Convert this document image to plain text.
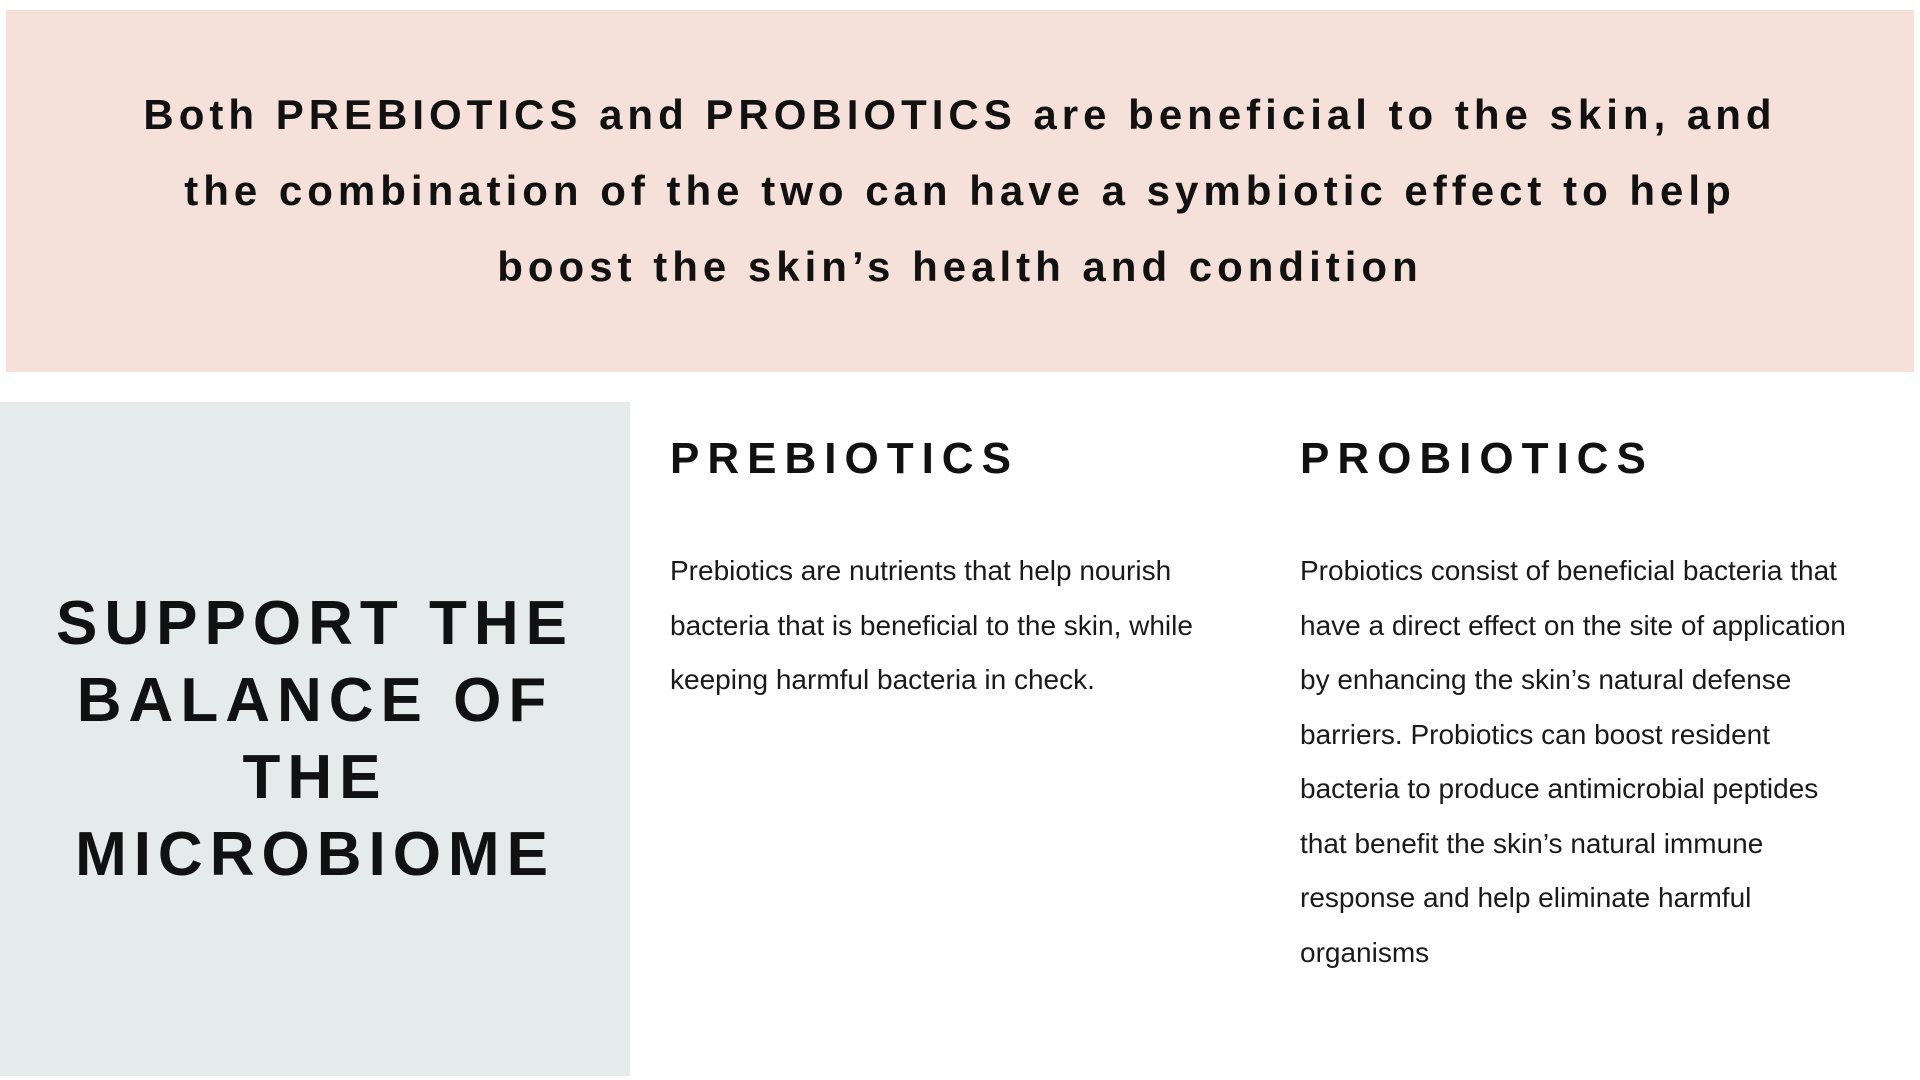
Both PREBIOTICS and PROBIOTICS are beneficial to the skin, and the combination of the two can have a symbiotic effect to help boost the skin’s health and condition

SUPPORT THE BALANCE OF THE MICROBIOME
PREBIOTICS

Prebiotics are nutrients that help nourish bacteria that is beneficial to the skin, while keeping harmful bacteria in check.

PROBIOTICS

Probiotics consist of beneficial bacteria that have a direct effect on the site of application by enhancing the skin’s natural defense barriers. Probiotics can boost resident bacteria to produce antimicrobial peptides that benefit the skin’s natural immune response and help eliminate harmful organisms
